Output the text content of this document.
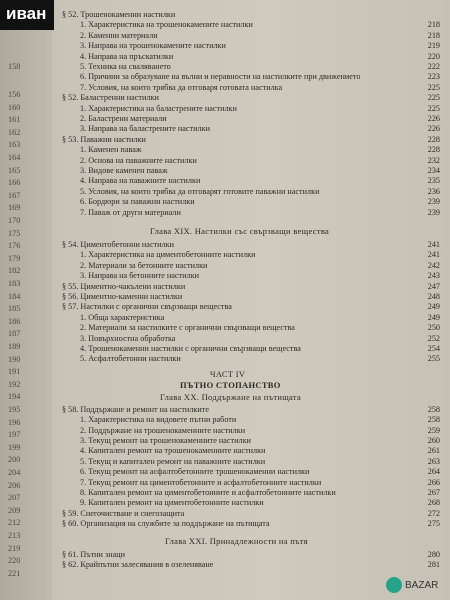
158
156
160
161
162
163
164
165
166
167
169
170
175
176
179
182
183
184
185
186
187
189
190
191
192
194
195
196
197
199
200
204
206
207
209
212
213
219
220
221
§ 52. Трошенокаменни настилки
1. Характеристика на трошенокамените настилки	218
2. Каменни материали	218
3. Направа на трошенокамените настилки	219
4. Направа на пръскатилки	220
5. Техника на сваляването	222
6. Причини за образуване на вълни и неравности на настилките при движението	223
7. Условия, на които трябва да отговаря готовата настилка	225
§ 52. Баластренни настилки	225
1. Характеристика на баластрените настилки	225
2. Баластрени материали	226
3. Направа на баластрените настилки	226
§ 53. Паважни настилки	228
1. Каменен паваж	228
2. Основа на паважните настилки	232
3. Видове каменен паваж	234
4. Направа на паважните настилки	235
5. Условия, на които трябва да отговарят готовите паважни настилки	236
6. Бордюри за паважни настилки	239
7. Паваж от други материали	239
Глава XIX. Настилки със свързващи вещества
§ 54. Циментобетонни настилки	241
1. Характеристика на циментобетонните настилки	241
2. Материали за бетонните настилки	242
3. Направа на бетонните настилки	243
§ 55. Циментно-чакълени настилки	247
§ 56. Циментно-каменни настилки	248
§ 57. Настилки с органични свързващи вещества	249
1. Обща характеристика	249
2. Материали за настилките с органични свързващи вещества	250
3. Повърхностна обработка	252
4. Трошенокаменни настилки с органични свързващи вещества	254
5. Асфалтобетонни настилки	255
ЧАСТ IV
ПЪТНО СТОПАНСТВО
Глава XX. Поддържане на пътищата
§ 58. Поддържане и ремонт на настилките	258
1. Характеристика на видовете пътни работи	258
2. Поддържане на трошенокаменните настилки	259
3. Текущ ремонт на трошенокаменните настилки	260
4. Капитален ремонт на трошенокаменните настилки	261
5. Текущ и капитален ремонт на паважните настилки	263
6. Текущ ремонт на асфалтобетонните трошенокаменни настилки	264
7. Текущ ремонт на циментобетонните и асфалтобетонните настилки	266
8. Капитален ремонт на циментобетонните и асфалтобетонните настилки	267
9. Капитален ремонт на циментобетонните настилки	268
§ 59. Снегочистване и снегозащита	272
§ 60. Организация на службите за поддържане на пътищата	275
Глава XXI. Принадлежности на пътя
§ 61. Пътни знаци	280
§ 62. Крайпътни залесявания в озеленяване	281
иван
BAZAR
